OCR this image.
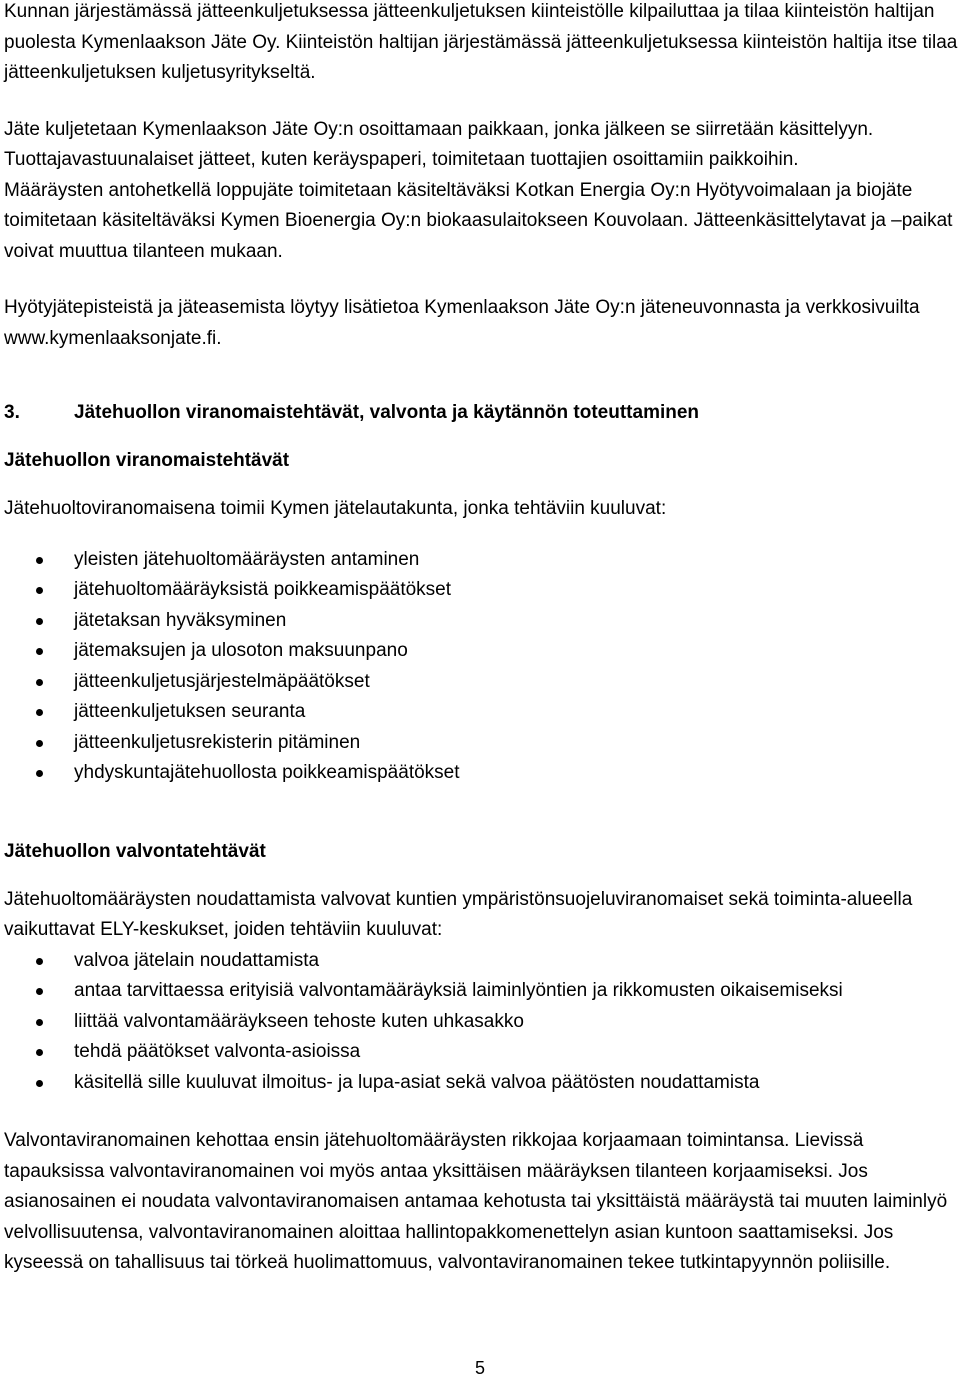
Kunnan järjestämässä jätteenkuljetuksessa jätteenkuljetuksen kiinteistölle kilpailuttaa ja tilaa kiinteistön haltijan puolesta Kymenlaakson Jäte Oy. Kiinteistön haltijan järjestämässä jätteenkuljetuksessa kiinteistön haltija itse tilaa jätteenkuljetuksen kuljetusyritykseltä.

Jäte kuljetetaan Kymenlaakson Jäte Oy:n osoittamaan paikkaan, jonka jälkeen se siirretään käsittelyyn. Tuottajavastuunalaiset jätteet, kuten keräyspaperi, toimitetaan tuottajien osoittamiin paikkoihin.

Määräysten antohetkellä loppujäte toimitetaan käsiteltäväksi Kotkan Energia Oy:n Hyötyvoimalaan ja biojäte toimitetaan käsiteltäväksi Kymen Bioenergia Oy:n biokaasulaitokseen Kouvolaan. Jätteenkäsittelytavat ja –paikat voivat muuttua tilanteen mukaan.

Hyötyjätepisteistä ja jäteasemista löytyy lisätietoa Kymenlaakson Jäte Oy:n jäteneuvonnasta ja verkkosivuilta www.kymenlaaksonjate.fi.

3.	Jätehuollon viranomaistehtävät, valvonta ja käytännön toteuttaminen

Jätehuollon viranomaistehtävät

Jätehuoltoviranomaisena toimii Kymen jätelautakunta, jonka tehtäviin kuuluvat:

yleisten jätehuoltomääräysten antaminen
jätehuoltomääräyksistä poikkeamispäätökset
jätetaksan hyväksyminen
jätemaksujen ja ulosoton maksuunpano
jätteenkuljetusjärjestelmäpäätökset
jätteenkuljetuksen seuranta
jätteenkuljetusrekisterin pitäminen
yhdyskuntajätehuollosta poikkeamispäätökset

Jätehuollon valvontatehtävät

Jätehuoltomääräysten noudattamista valvovat kuntien ympäristönsuojeluviranomaiset sekä toiminta-alueella vaikuttavat ELY-keskukset, joiden tehtäviin kuuluvat:

valvoa jätelain noudattamista
antaa tarvittaessa erityisiä valvontamääräyksiä laiminlyöntien ja rikkomusten oikaisemiseksi
liittää valvontamääräykseen tehoste kuten uhkasakko
tehdä päätökset valvonta-asioissa
käsitellä sille kuuluvat ilmoitus- ja lupa-asiat sekä valvoa päätösten noudattamista

Valvontaviranomainen kehottaa ensin jätehuoltomääräysten rikkojaa korjaamaan toimintansa. Lievissä tapauksissa valvontaviranomainen voi myös antaa yksittäisen määräyksen tilanteen korjaamiseksi. Jos asianosainen ei noudata valvontaviranomaisen antamaa kehotusta tai yksittäistä määräystä tai muuten laiminlyö velvollisuutensa, valvontaviranomainen aloittaa hallintopakkomenettelyn asian kuntoon saattamiseksi. Jos kyseessä on tahallisuus tai törkeä huolimattomuus, valvontaviranomainen tekee tutkintapyynnön poliisille.

5
